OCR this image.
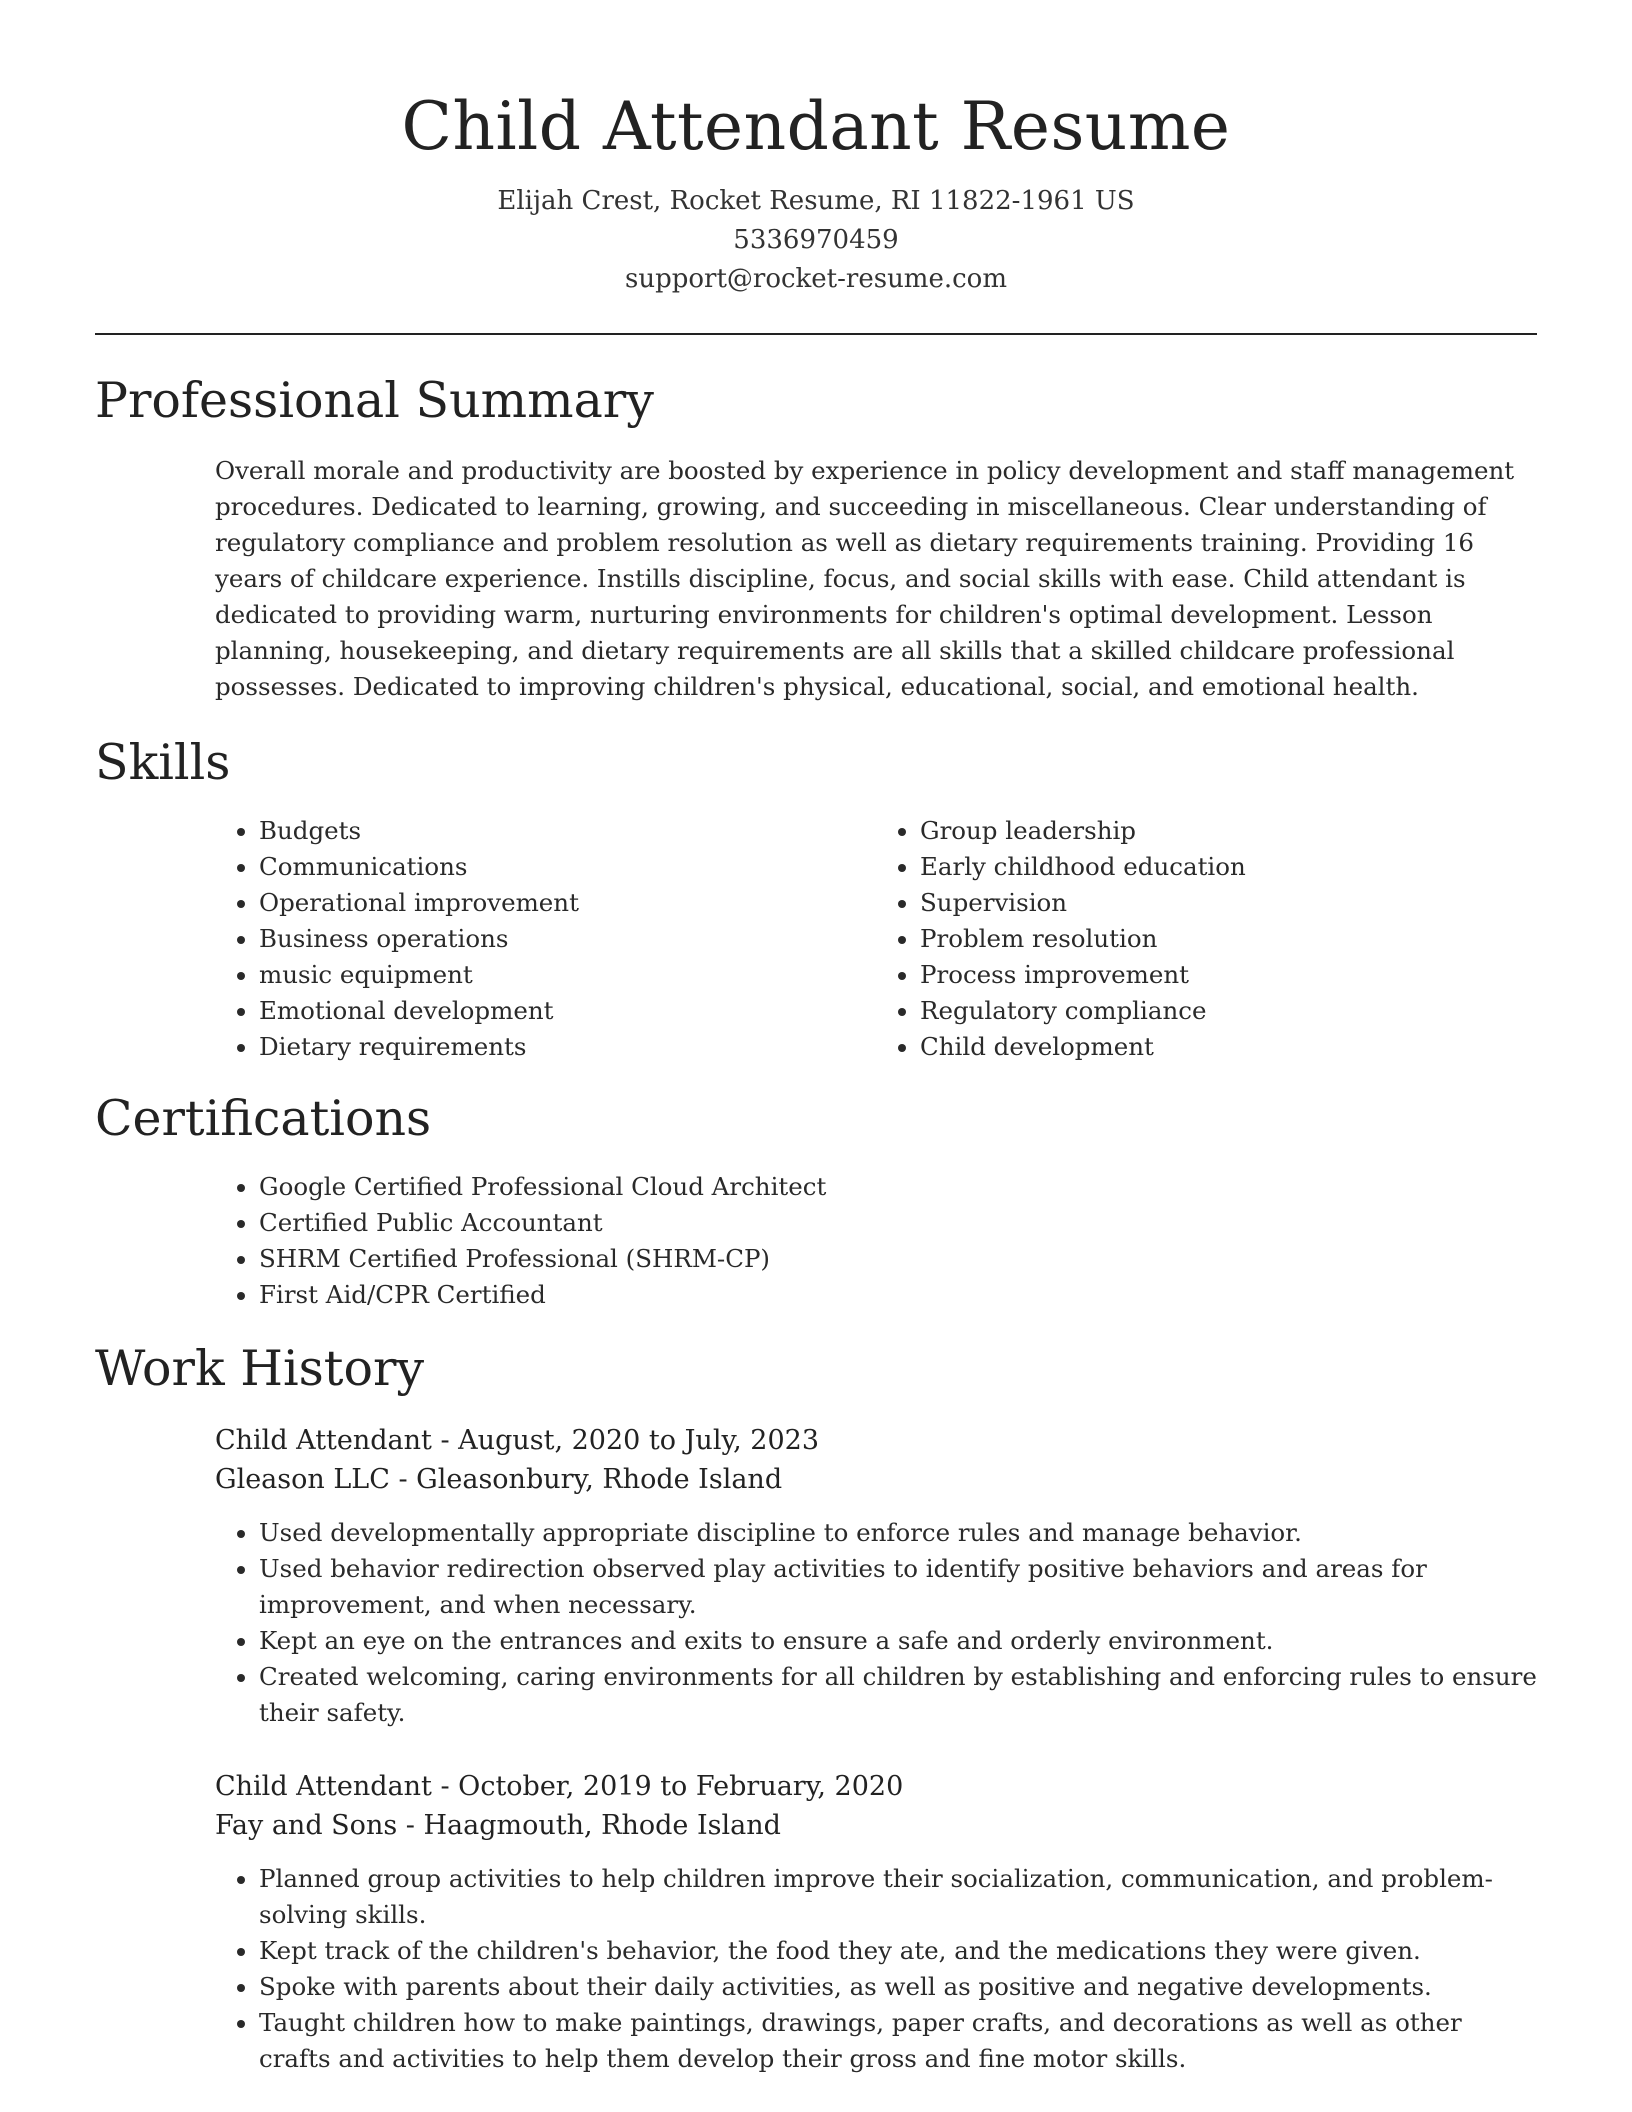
Child Attendant Resume
Elijah Crest, Rocket Resume, RI 11822-1961 US
5336970459
support@rocket-resume.com
Professional Summary

Overall morale and productivity are boosted by experience in policy development and staff management procedures. Dedicated to learning, growing, and succeeding in miscellaneous. Clear understanding of regulatory compliance and problem resolution as well as dietary requirements training. Providing 16 years of childcare experience. Instills discipline, focus, and social skills with ease. Child attendant is dedicated to providing warm, nurturing environments for children's optimal development. Lesson planning, housekeeping, and dietary requirements are all skills that a skilled childcare professional possesses. Dedicated to improving children's physical, educational, social, and emotional health.

Skills
• Budgets
• Communications
• Operational improvement
• Business operations
• music equipment
• Emotional development
• Dietary requirements
• Group leadership
• Early childhood education
• Supervision
• Problem resolution
• Process improvement
• Regulatory compliance
• Child development
Certifications
• Google Certified Professional Cloud Architect
• Certified Public Accountant
• SHRM Certified Professional (SHRM-CP)
• First Aid/CPR Certified
Work History
Child Attendant - August, 2020 to July, 2023
Gleason LLC - Gleasonbury, Rhode Island
• Used developmentally appropriate discipline to enforce rules and manage behavior.
• Used behavior redirection observed play activities to identify positive behaviors and areas for improvement, and when necessary.
• Kept an eye on the entrances and exits to ensure a safe and orderly environment.
• Created welcoming, caring environments for all children by establishing and enforcing rules to ensure their safety.
Child Attendant - October, 2019 to February, 2020
Fay and Sons - Haagmouth, Rhode Island
• Planned group activities to help children improve their socialization, communication, and problem-solving skills.
• Kept track of the children's behavior, the food they ate, and the medications they were given.
• Spoke with parents about their daily activities, as well as positive and negative developments.
• Taught children how to make paintings, drawings, paper crafts, and decorations as well as other crafts and activities to help them develop their gross and fine motor skills.
